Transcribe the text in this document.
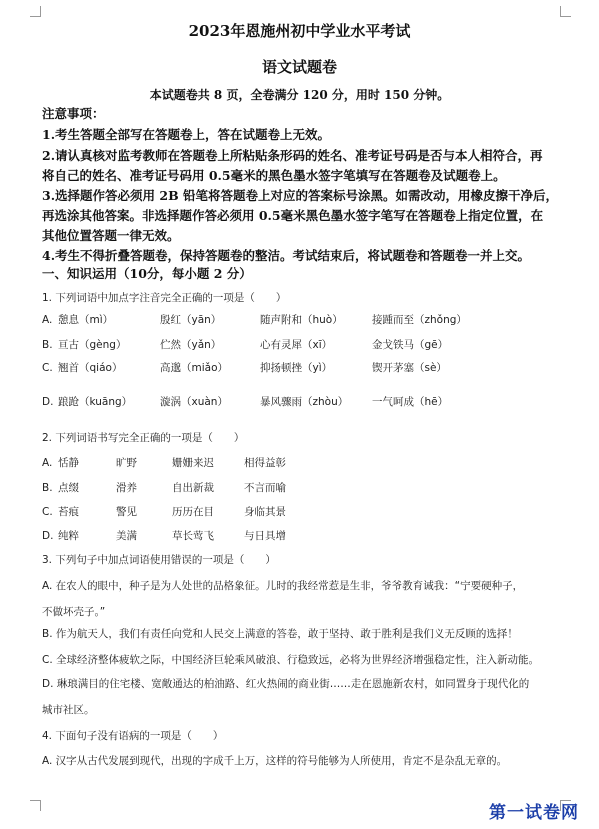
2023年恩施州初中学业水平考试
语文试题卷
本试题卷共 8 页，全卷满分 120 分，用时 150 分钟。
注意事项：
1.考生答题全部写在答题卷上，答在试题卷上无效。
2.请认真核对监考教师在答题卷上所粘贴条形码的姓名、准考证号码是否与本人相符合，再
将自己的姓名、准考证号码用 0.5毫米的黑色墨水签字笔填写在答题卷及试题卷上。
3.选择题作答必须用 2B 铅笔将答题卷上对应的答案标号涂黑。如需改动，用橡皮擦干净后，
再选涂其他答案。非选择题作答必须用 0.5毫米黑色墨水签字笔写在答题卷上指定位置，在
其他位置答题一律无效。
4.考生不得折叠答题卷，保持答题卷的整洁。考试结束后，将试题卷和答题卷一并上交。
一、知识运用（10分，每小题 2 分）
1. 下列词语中加点字注音完全正确的一项是（　　）
A. 憩息（mì）	殷红（yān）	随声附和（huò）	接踵而至（zhǒng）
B. 亘古（gèng）	伫然（yǎn）	心有灵犀（xī）	金戈铁马（gē）
C. 翘首（qiáo）	高邈（miǎo）	抑扬顿挫（yì）	锲开茅塞（sè）
D. 踉跄（kuāng）	漩涡（xuàn）	暴风骤雨（zhòu） 一气呵成（hē）
2. 下列词语书写完全正确的一项是（　　）
A. 恬静	旷野	姗姗来迟	相得益彰
B. 点缀	滑养	自出新裁	不言而喻
C. 苔痕	警见	历历在目	身临其景
D. 纯粹	美满	草长莺飞	与日具增
3. 下列句子中加点词语使用错误的一项是（　　）
A. 在农人的眼中，种子是为人处世的品格象征。儿时的我经常惹是生非，爷爷教育诫我：“宁要硬种子，
不做坏壳子。”
B. 作为航天人，我们有责任向党和人民交上满意的答卷，敢于坚持、敢于胜利是我们义无反顾的选择！
C. 全球经济整体疲软之际，中国经济巨轮乘风破浪、行稳致远，必将为世界经济增强稳定性，注入新动能。
D. 琳琅满目的住宅楼、宽敞通达的柏油路、红火热闹的商业街……走在恩施新农村，如同置身于现代化的
城市社区。
4. 下面句子没有语病的一项是（　　）
A. 汉字从古代发展到现代，出现的字成千上万，这样的符号能够为人所使用，肯定不是杂乱无章的。
第一试卷网
